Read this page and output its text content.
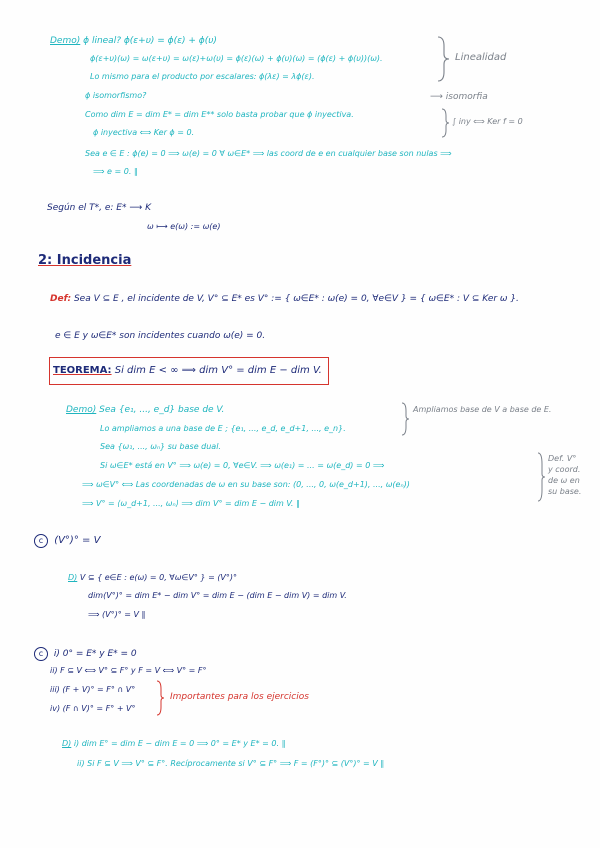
Demo) ϕ lineal? ϕ(ε+υ) = ϕ(ε) + ϕ(υ)
ϕ(ε+υ)(ω) = ω(ε+υ) = ω(ε)+ω(υ) = ϕ(ε)(ω) + ϕ(υ)(ω) = (ϕ(ε) + ϕ(υ))(ω).
Lo mismo para el producto por escalares: ϕ(λε) = λϕ(ε).
ϕ isomorfismo?
Como dim E = dim E* = dim E** solo basta probar que ϕ inyectiva.
ϕ inyectiva ⟺ Ker ϕ = 0.
Sea e ∈ E : ϕ(e) = 0 ⟹ ω(e) = 0 ∀ ω∈E* ⟹ las coord de e en cualquier base son nulas ⟹
⟹ e = 0. ∥
Linealidad
⟶ isomorfia
∫ iny ⟺ Ker f = 0
Según el T*, e: E* ⟶ K
ω ⟼ e(ω) := ω(e)
2: Incidencia
Def: Sea V ⊆ E , el incidente de V, V° ⊆ E* es V° := { ω∈E* : ω(e) = 0, ∀e∈V } = { ω∈E* : V ⊆ Ker ω }.
e ∈ E y ω∈E* son incidentes cuando ω(e) = 0.
TEOREMA: Si dim E < ∞ ⟹ dim V° = dim E − dim V.
Demo) Sea {e₁, ..., e_d} base de V.
Lo ampliamos a una base de E ; {e₁, ..., e_d, e_d+1, ..., e_n}.
Sea {ω₁, ..., ωₙ} su base dual.
Si ω∈E* está en V° ⟹ ω(e) = 0, ∀e∈V. ⟹ ω(e₁) = ... = ω(e_d) = 0 ⟹
⟹ ω∈V° ⟺ Las coordenadas de ω en su base son: (0, ..., 0, ω(e_d+1), ..., ω(eₙ))
⟹ V° = ⟨ω_d+1, ..., ωₙ⟩ ⟹ dim V° = dim E − dim V. ∥
Ampliamos base de V a base de E.
Def. V°
y coord.
de ω en
su base.
c (V°)° = V
D) V ⊆ { e∈E : e(ω) = 0, ∀ω∈V° } = (V°)°
dim(V°)° = dim E* − dim V° = dim E − (dim E − dim V) = dim V.
⟹ (V°)° = V ∥
c i) 0° = E* y E* = 0
ii) F ⊆ V ⟺ V° ⊆ F° y F = V ⟺ V° = F°
iii) (F + V)° = F° ∩ V°
iv) (F ∩ V)° = F° + V°
Importantes para los ejercicios
D) i) dim E° = dim E − dim E = 0 ⟹ 0° = E* y E* = 0. ∥
ii) Si F ⊆ V ⟹ V° ⊆ F°. Recíprocamente si V° ⊆ F° ⟹ F = (F°)° ⊆ (V°)° = V ∥
